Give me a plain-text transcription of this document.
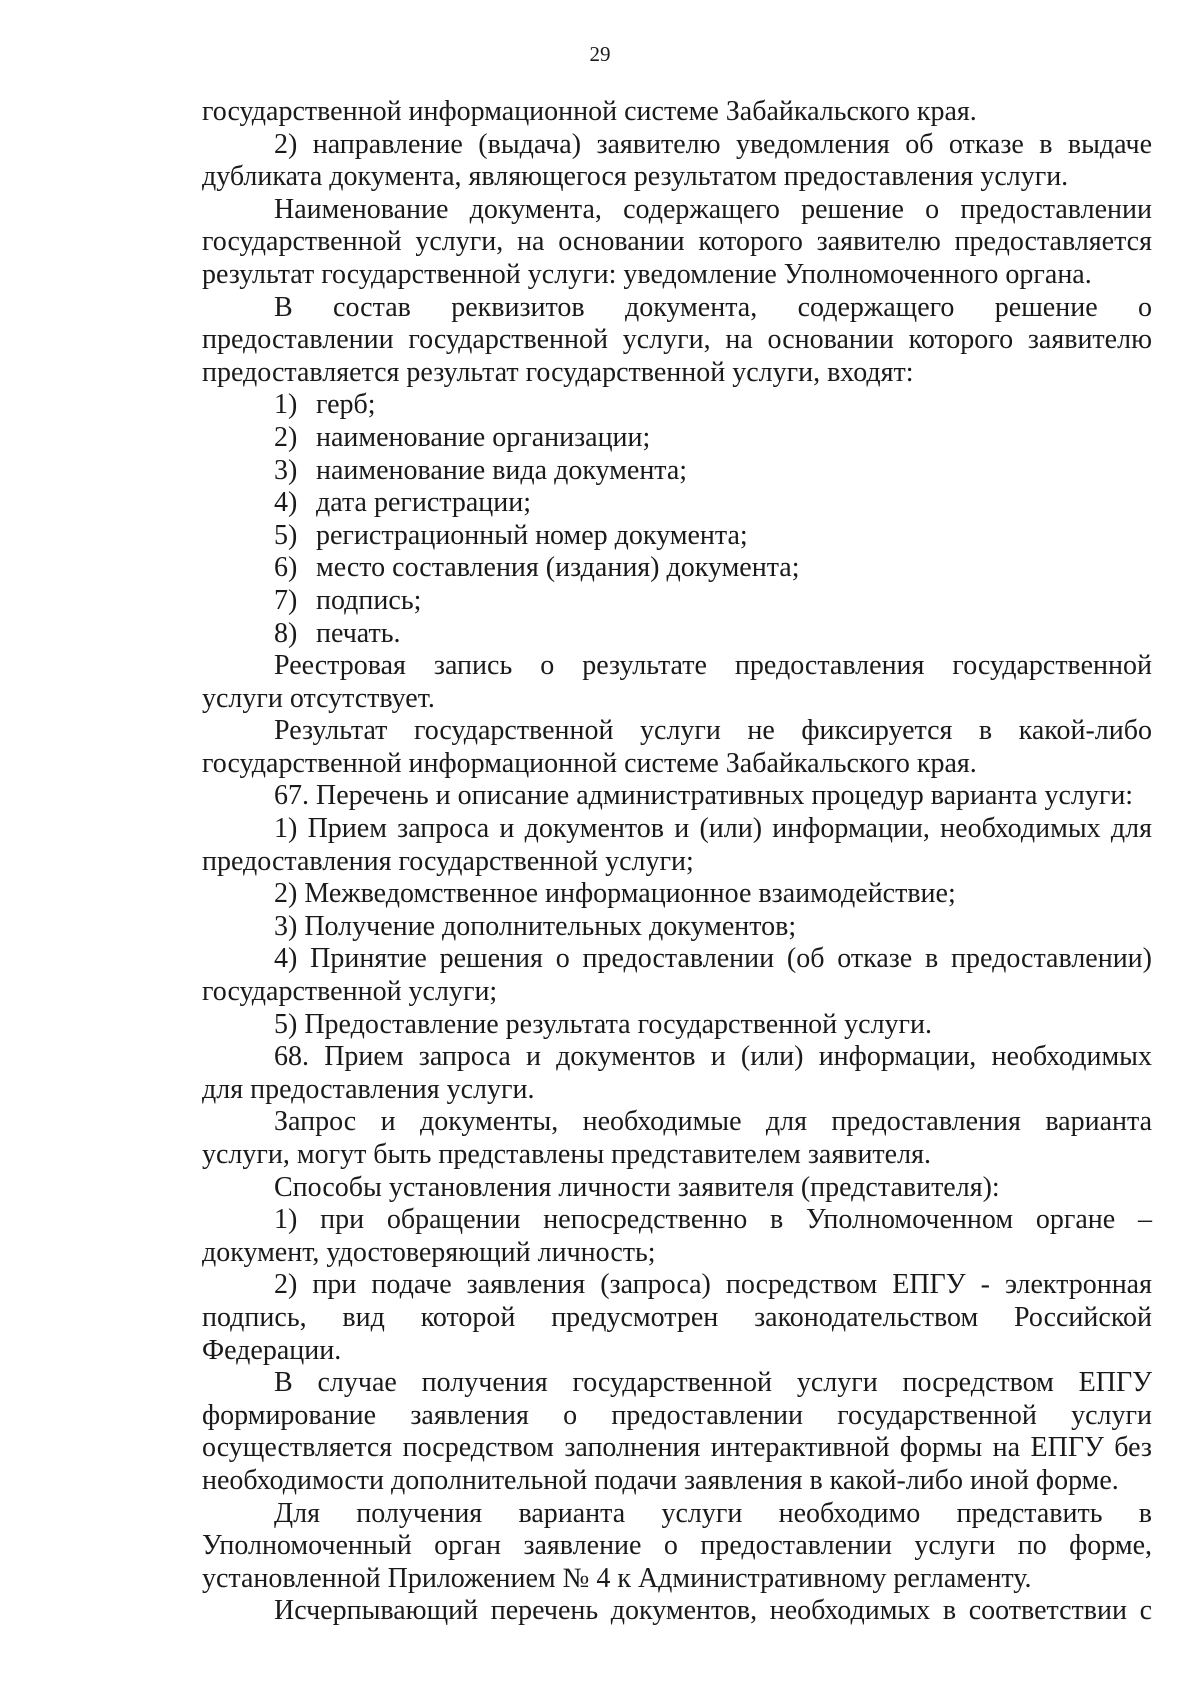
29
государственной информационной системе Забайкальского края.
2) направление (выдача) заявителю уведомления об отказе в выдаче
дубликата документа, являющегося результатом предоставления услуги.
Наименование документа, содержащего решение о предоставлении
государственной услуги, на основании которого заявителю предоставляется
результат государственной услуги: уведомление Уполномоченного органа.
В состав реквизитов документа, содержащего решение о
предоставлении государственной услуги, на основании которого заявителю
предоставляется результат государственной услуги, входят:
1) герб;
2) наименование организации;
3) наименование вида документа;
4) дата регистрации;
5) регистрационный номер документа;
6) место составления (издания) документа;
7) подпись;
8) печать.
Реестровая запись о результате предоставления государственной
услуги отсутствует.
Результат государственной услуги не фиксируется в какой-либо
государственной информационной системе Забайкальского края.
67. Перечень и описание административных процедур варианта услуги:
1) Прием запроса и документов и (или) информации, необходимых для
предоставления государственной услуги;
2) Межведомственное информационное взаимодействие;
3) Получение дополнительных документов;
4) Принятие решения о предоставлении (об отказе в предоставлении)
государственной услуги;
5) Предоставление результата государственной услуги.
68. Прием запроса и документов и (или) информации, необходимых
для предоставления услуги.
Запрос и документы, необходимые для предоставления варианта
услуги, могут быть представлены представителем заявителя.
Способы установления личности заявителя (представителя):
1) при обращении непосредственно в Уполномоченном органе –
документ, удостоверяющий личность;
2) при подаче заявления (запроса) посредством ЕПГУ - электронная
подпись, вид которой предусмотрен законодательством Российской
Федерации.
В случае получения государственной услуги посредством ЕПГУ
формирование заявления о предоставлении государственной услуги
осуществляется посредством заполнения интерактивной формы на ЕПГУ без
необходимости дополнительной подачи заявления в какой-либо иной форме.
Для получения варианта услуги необходимо представить в
Уполномоченный орган заявление о предоставлении услуги по форме,
установленной Приложением № 4 к Административному регламенту.
Исчерпывающий перечень документов, необходимых в соответствии с
